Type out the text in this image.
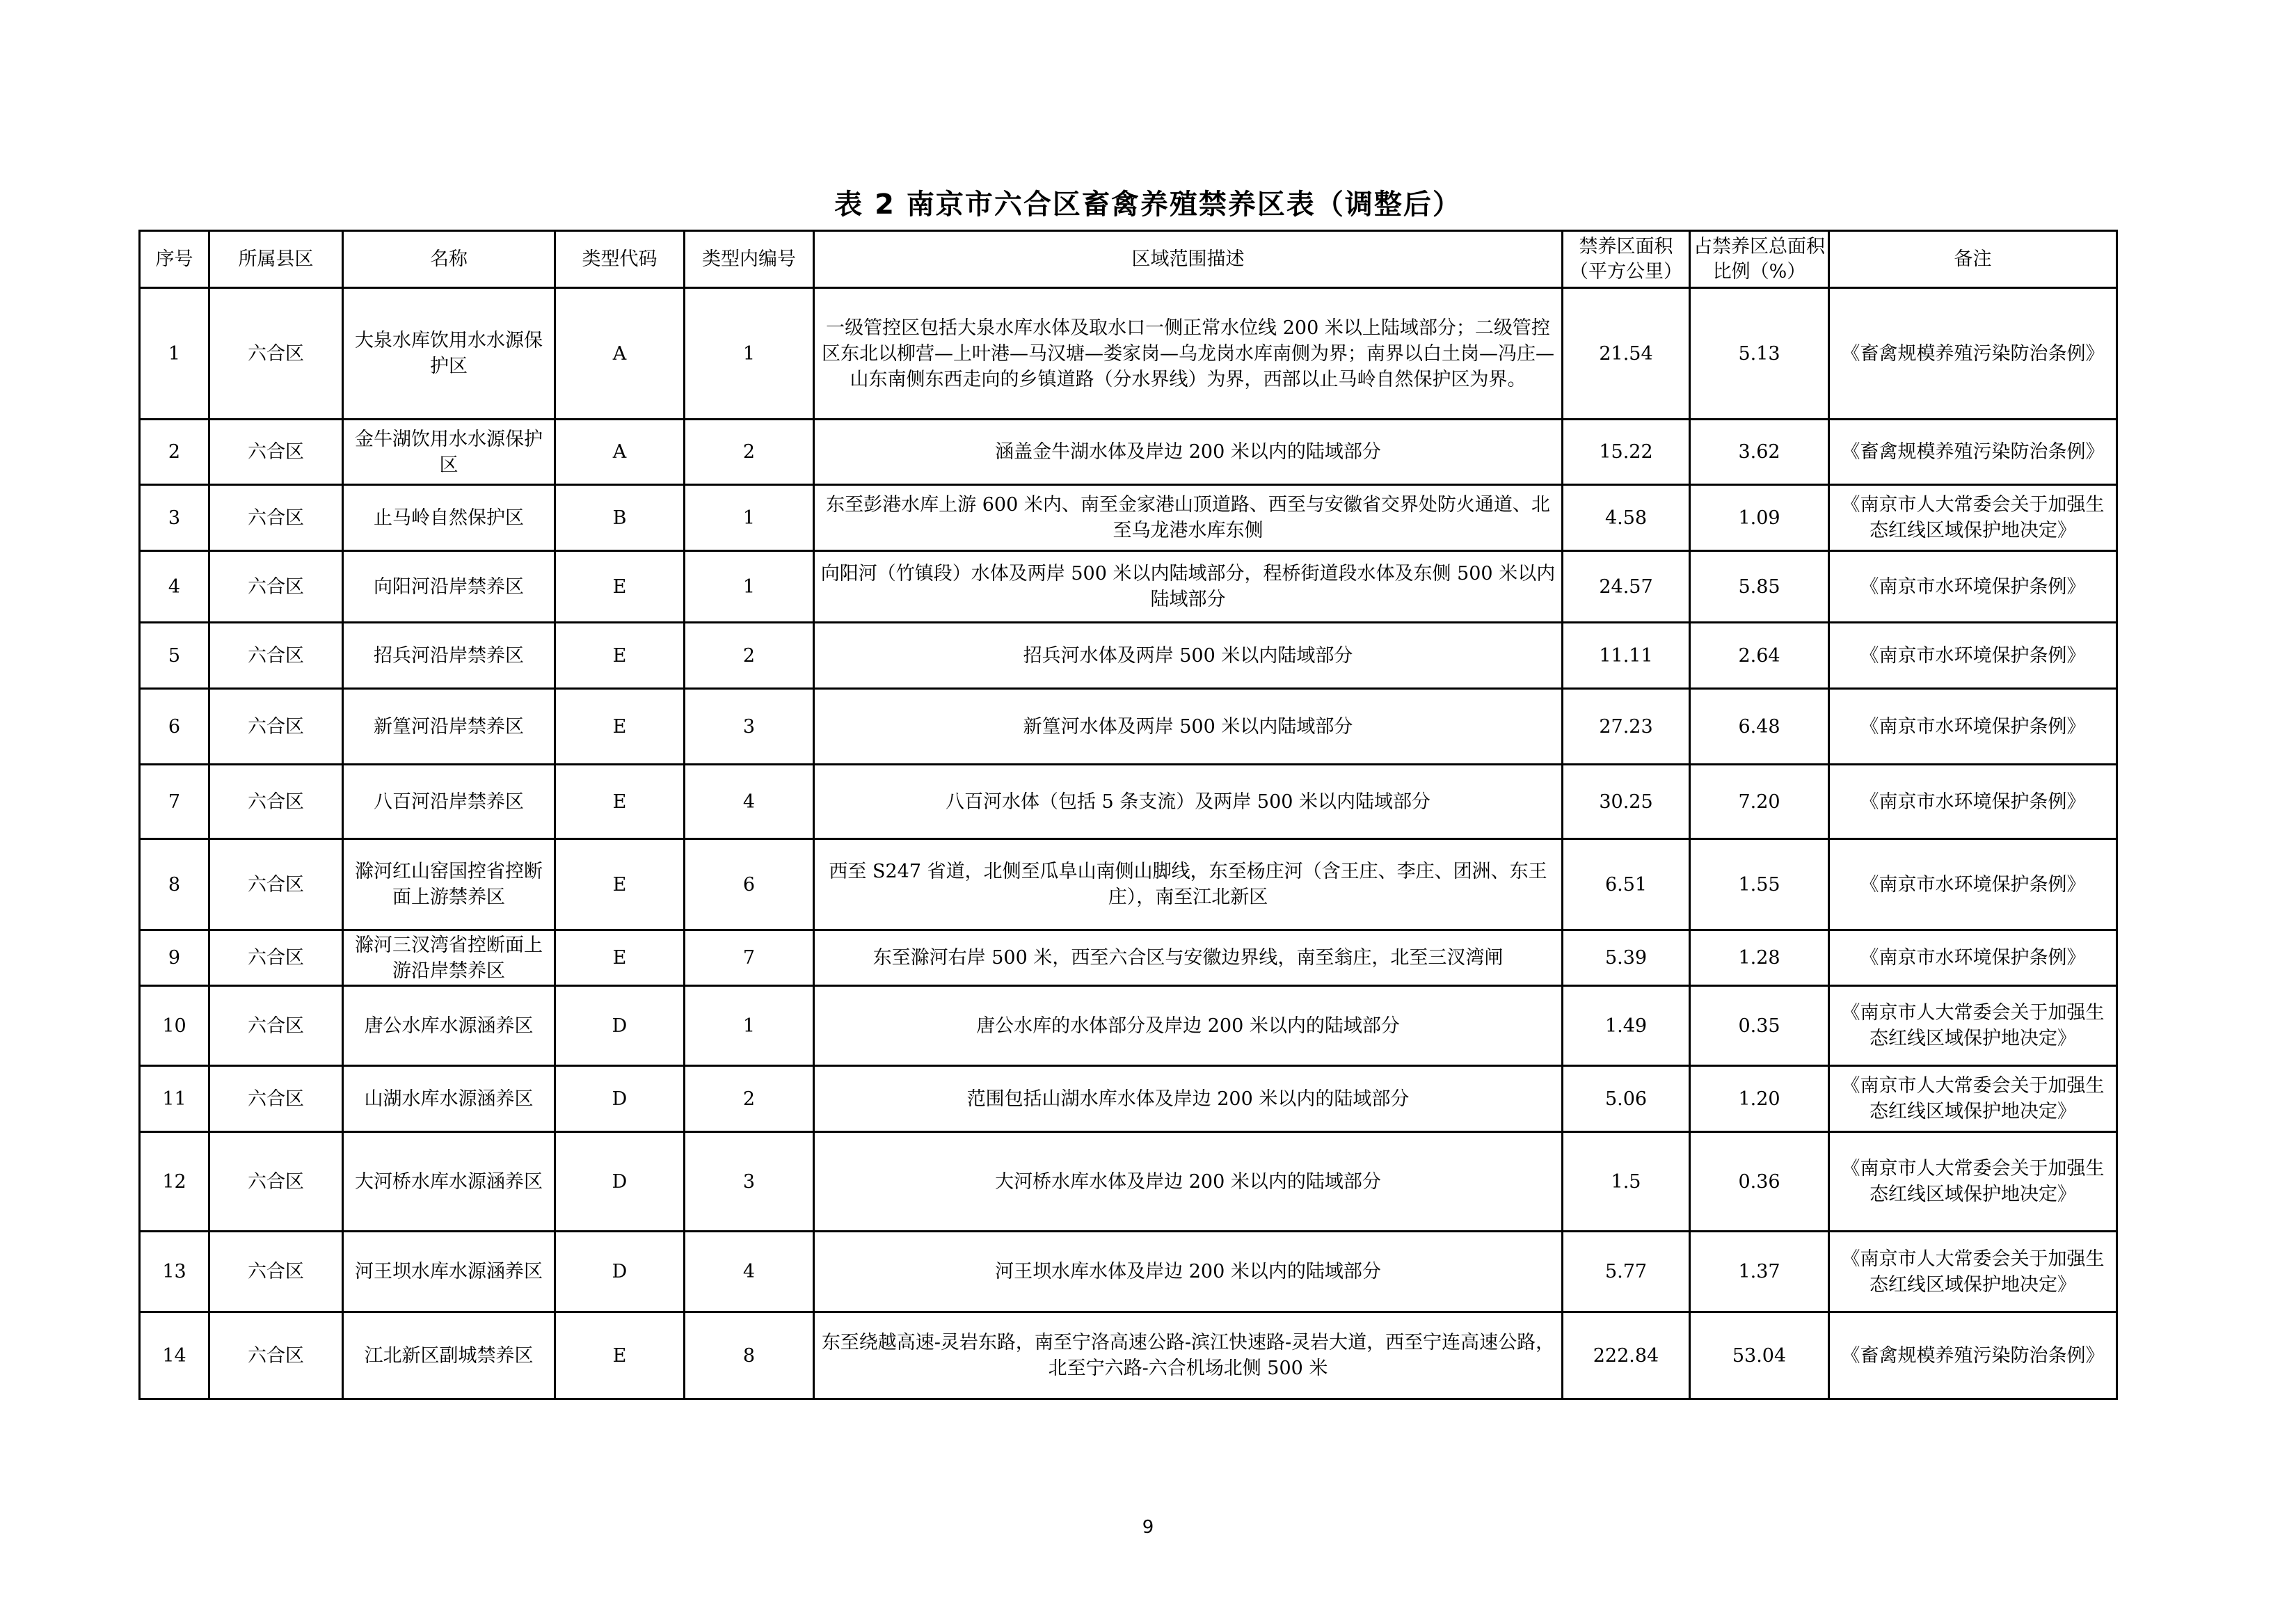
表 2 南京市六合区畜禽养殖禁养区表（调整后）
序号	所属县区	名称	类型代码	类型内编号	区域范围描述	禁养区面积（平方公里）	占禁养区总面积比例（%）	备注
1	六合区	大泉水库饮用水水源保护区	A	1	一级管控区包括大泉水库水体及取水口一侧正常水位线 200 米以上陆域部分；二级管控区东北以柳营—上叶港—马汉塘—娄家岗—乌龙岗水库南侧为界；南界以白土岗—冯庄—山东南侧东西走向的乡镇道路（分水界线）为界，西部以止马岭自然保护区为界。	21.54	5.13	《畜禽规模养殖污染防治条例》
2	六合区	金牛湖饮用水水源保护区	A	2	涵盖金牛湖水体及岸边 200 米以内的陆域部分	15.22	3.62	《畜禽规模养殖污染防治条例》
3	六合区	止马岭自然保护区	B	1	东至彭港水库上游 600 米内、南至金家港山顶道路、西至与安徽省交界处防火通道、北至乌龙港水库东侧	4.58	1.09	《南京市人大常委会关于加强生态红线区域保护地决定》
4	六合区	向阳河沿岸禁养区	E	1	向阳河（竹镇段）水体及两岸 500 米以内陆域部分，程桥街道段水体及东侧 500 米以内陆域部分	24.57	5.85	《南京市水环境保护条例》
5	六合区	招兵河沿岸禁养区	E	2	招兵河水体及两岸 500 米以内陆域部分	11.11	2.64	《南京市水环境保护条例》
6	六合区	新篁河沿岸禁养区	E	3	新篁河水体及两岸 500 米以内陆域部分	27.23	6.48	《南京市水环境保护条例》
7	六合区	八百河沿岸禁养区	E	4	八百河水体（包括 5 条支流）及两岸 500 米以内陆域部分	30.25	7.20	《南京市水环境保护条例》
8	六合区	滁河红山窑国控省控断面上游禁养区	E	6	西至 S247 省道，北侧至瓜阜山南侧山脚线，东至杨庄河（含王庄、李庄、团洲、东王庄），南至江北新区	6.51	1.55	《南京市水环境保护条例》
9	六合区	滁河三汊湾省控断面上游沿岸禁养区	E	7	东至滁河右岸 500 米，西至六合区与安徽边界线，南至翁庄，北至三汊湾闸	5.39	1.28	《南京市水环境保护条例》
10	六合区	唐公水库水源涵养区	D	1	唐公水库的水体部分及岸边 200 米以内的陆域部分	1.49	0.35	《南京市人大常委会关于加强生态红线区域保护地决定》
11	六合区	山湖水库水源涵养区	D	2	范围包括山湖水库水体及岸边 200 米以内的陆域部分	5.06	1.20	《南京市人大常委会关于加强生态红线区域保护地决定》
12	六合区	大河桥水库水源涵养区	D	3	大河桥水库水体及岸边 200 米以内的陆域部分	1.5	0.36	《南京市人大常委会关于加强生态红线区域保护地决定》
13	六合区	河王坝水库水源涵养区	D	4	河王坝水库水体及岸边 200 米以内的陆域部分	5.77	1.37	《南京市人大常委会关于加强生态红线区域保护地决定》
14	六合区	江北新区副城禁养区	E	8	东至绕越高速-灵岩东路，南至宁洛高速公路-滨江快速路-灵岩大道，西至宁连高速公路，北至宁六路-六合机场北侧 500 米	222.84	53.04	《畜禽规模养殖污染防治条例》
9
